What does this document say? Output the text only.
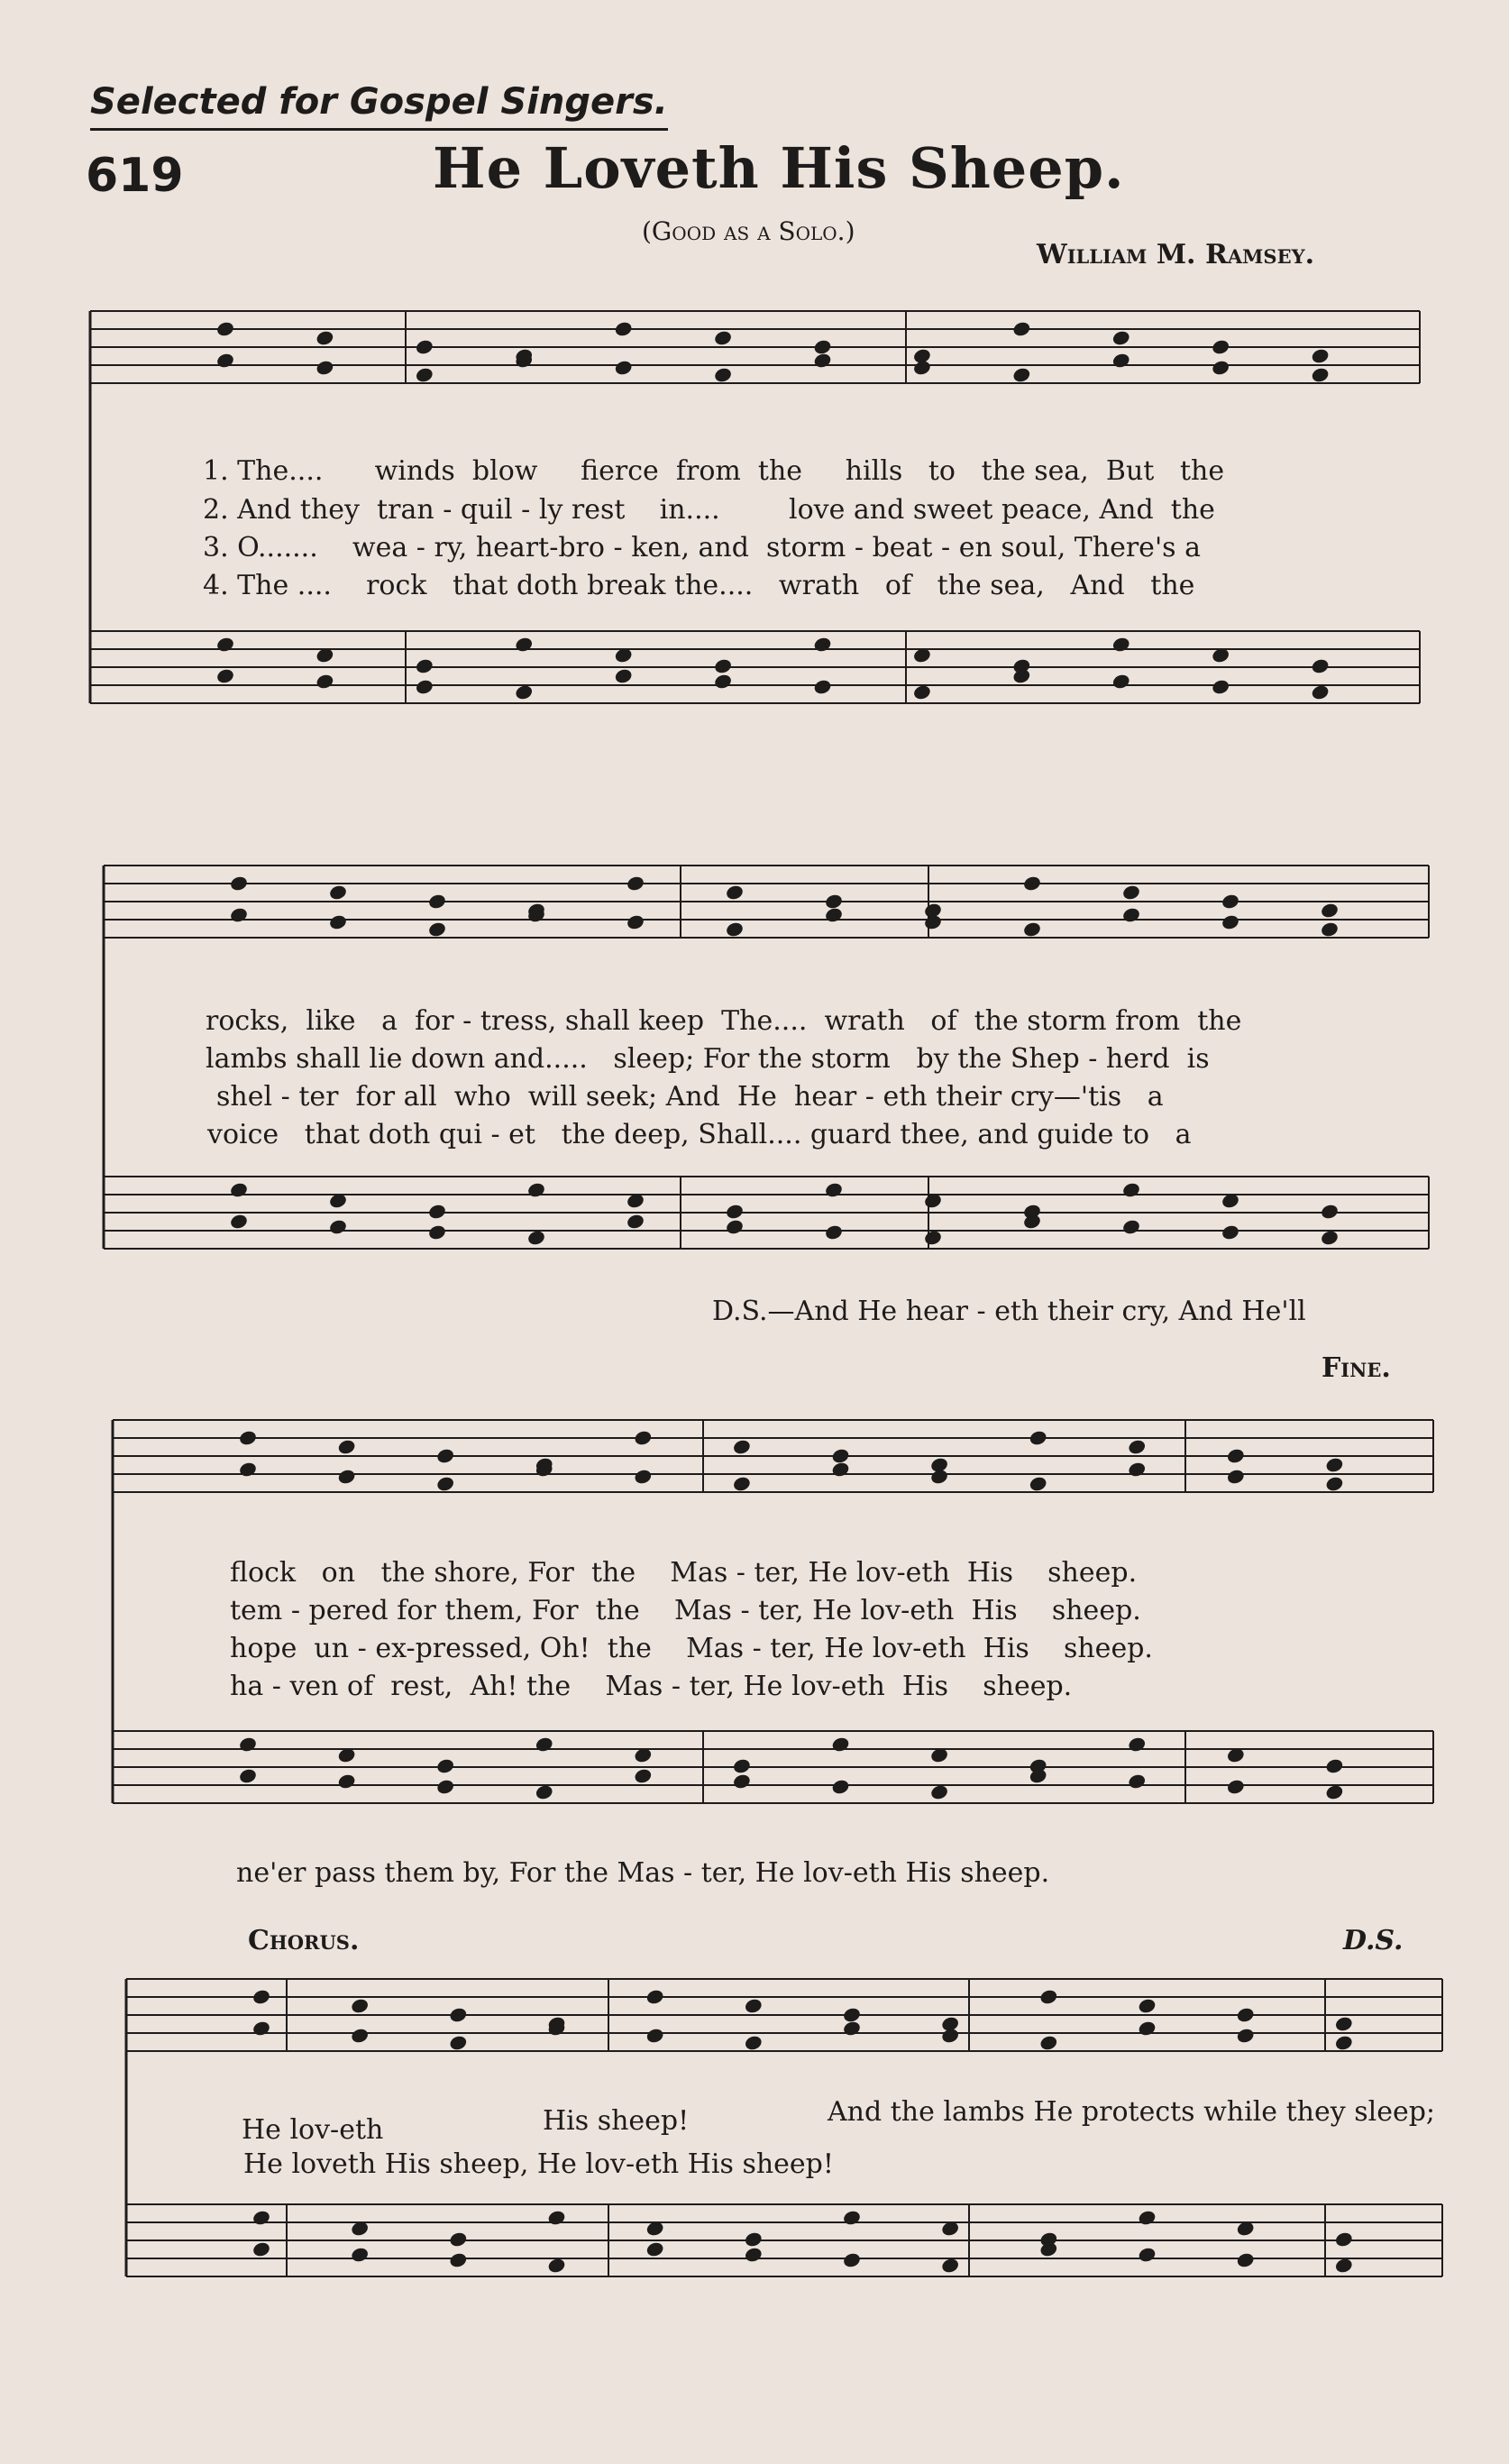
Selected for Gospel Singers.
619	He Loveth His Sheep.
(Good as a Solo.)
William M. Ramsey.
1. The.... winds blow fierce from the hills to the sea, But the
2. And they tran - quil - ly rest in....	love and sweet peace, And the
3. O....... wea - ry, heart-bro - ken, and storm - beat - en soul, There's a
4. The .... rock that doth break the.... wrath of the sea, And the
rocks, like a for - tress, shall keep The.... wrath of the storm from the
lambs shall lie down and..... sleep; For the storm by the Shep - herd is
shel - ter for all who will seek; And He hear - eth their cry—'tis a
voice that doth qui - et the deep, Shall.... guard thee, and guide to a
D.S.—And He hear - eth their cry, And He'll
Fine.
flock on the shore, For the Mas - ter, He lov-eth His sheep.
tem - pered for them, For the Mas - ter, He lov-eth His sheep.
hope un - ex-pressed, Oh! the Mas - ter, He lov-eth His sheep.
ha - ven of rest, Ah! the Mas - ter, He lov-eth His sheep.
ne'er pass them by, For the Mas - ter, He lov-eth His sheep.
Chorus.	D.S.
He lov-eth	His sheep!	And the lambs He protects while they sleep;
He loveth His sheep, He lov-eth His sheep!
